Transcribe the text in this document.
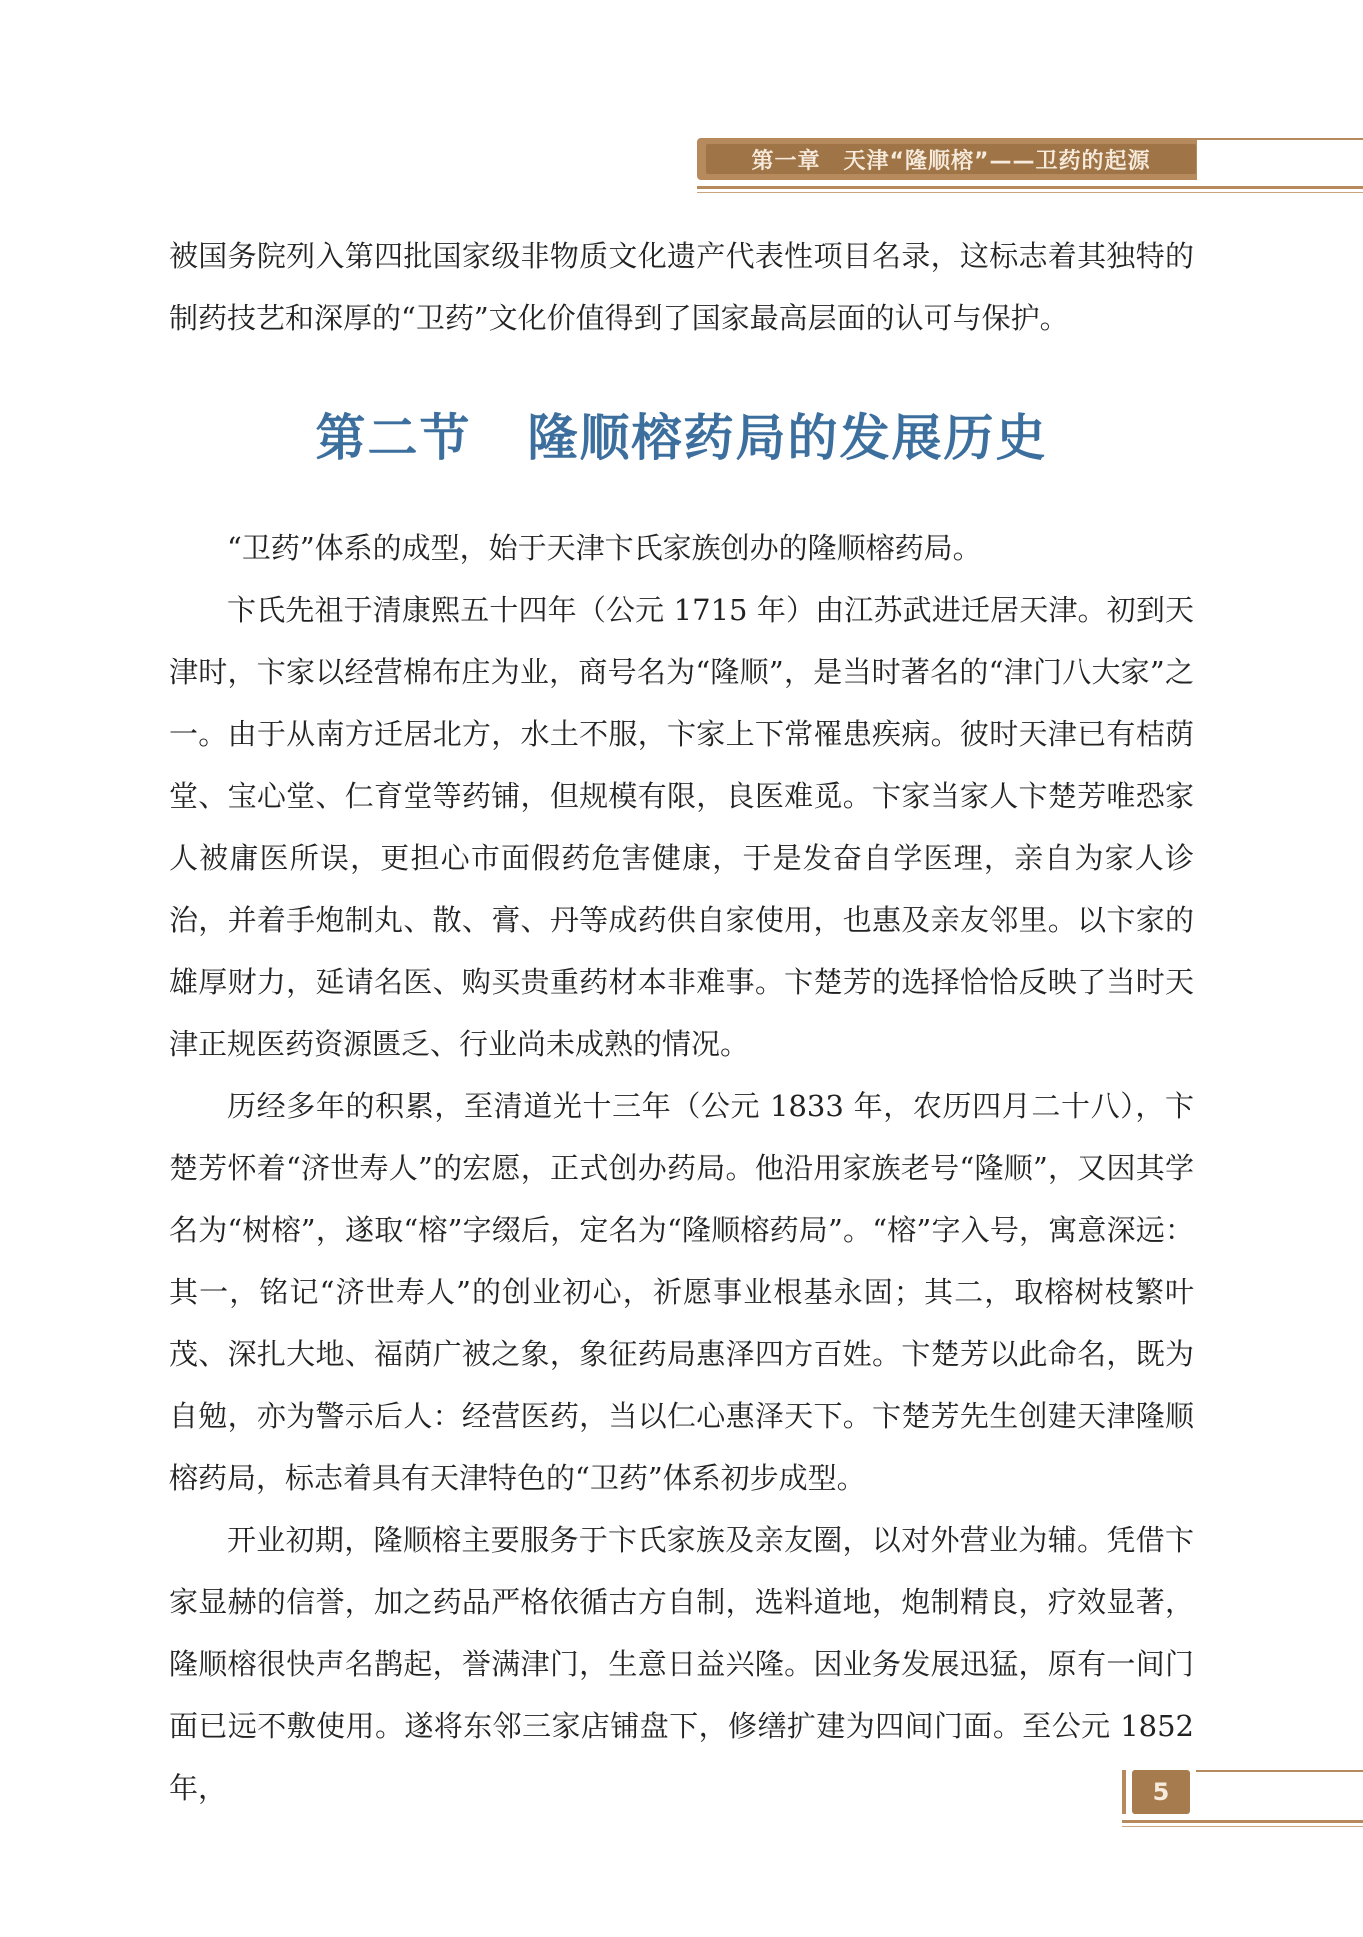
第一章　天津“隆顺榕”——卫药的起源

被国务院列入第四批国家级非物质文化遗产代表性项目名录，这标志着其独特的制药技艺和深厚的“卫药”文化价值得到了国家最高层面的认可与保护。

第二节 隆顺榕药局的发展历史

“卫药”体系的成型，始于天津卞氏家族创办的隆顺榕药局。

卞氏先祖于清康熙五十四年（公元 1715 年）由江苏武进迁居天津。初到天津时，卞家以经营棉布庄为业，商号名为“隆顺”，是当时著名的“津门八大家”之一。由于从南方迁居北方，水土不服，卞家上下常罹患疾病。彼时天津已有桔荫堂、宝心堂、仁育堂等药铺，但规模有限，良医难觅。卞家当家人卞楚芳唯恐家人被庸医所误，更担心市面假药危害健康，于是发奋自学医理，亲自为家人诊治，并着手炮制丸、散、膏、丹等成药供自家使用，也惠及亲友邻里。以卞家的雄厚财力，延请名医、购买贵重药材本非难事。卞楚芳的选择恰恰反映了当时天津正规医药资源匮乏、行业尚未成熟的情况。

历经多年的积累，至清道光十三年（公元 1833 年，农历四月二十八），卞楚芳怀着“济世寿人”的宏愿，正式创办药局。他沿用家族老号“隆顺”，又因其学名为“树榕”，遂取“榕”字缀后，定名为“隆顺榕药局”。“榕”字入号，寓意深远：其一，铭记“济世寿人”的创业初心，祈愿事业根基永固；其二，取榕树枝繁叶茂、深扎大地、福荫广被之象，象征药局惠泽四方百姓。卞楚芳以此命名，既为自勉，亦为警示后人：经营医药，当以仁心惠泽天下。卞楚芳先生创建天津隆顺榕药局，标志着具有天津特色的“卫药”体系初步成型。

开业初期，隆顺榕主要服务于卞氏家族及亲友圈，以对外营业为辅。凭借卞家显赫的信誉，加之药品严格依循古方自制，选料道地，炮制精良，疗效显著，隆顺榕很快声名鹊起，誉满津门，生意日益兴隆。因业务发展迅猛，原有一间门面已远不敷使用。遂将东邻三家店铺盘下，修缮扩建为四间门面。至公元 1852 年，	5
